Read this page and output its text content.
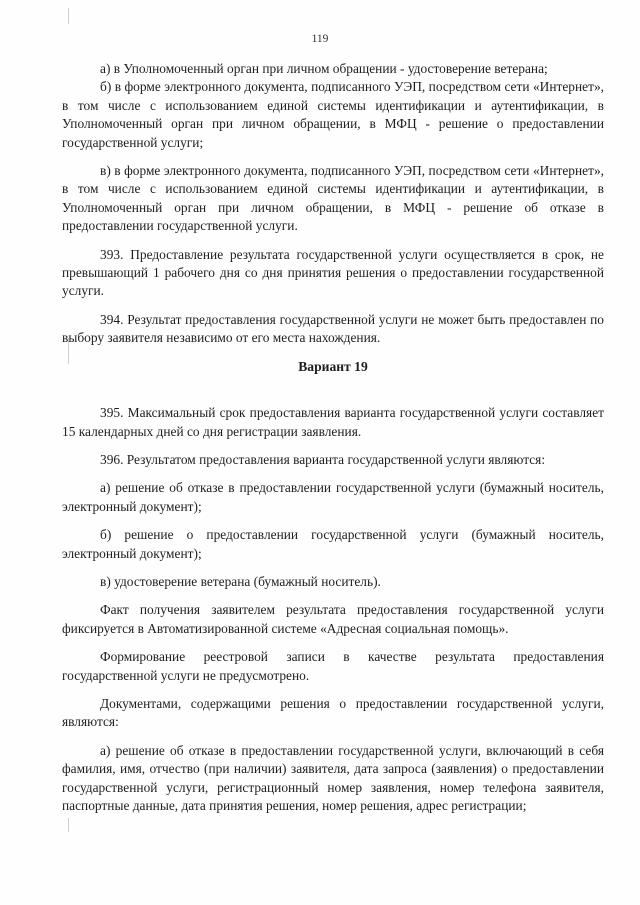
119

а) в Уполномоченный орган при личном обращении - удостоверение ветерана;

б) в форме электронного документа, подписанного УЭП, посредством сети «Интернет», в том числе с использованием единой системы идентификации и аутентификации, в Уполномоченный орган при личном обращении, в МФЦ - решение о предоставлении государственной услуги;

в) в форме электронного документа, подписанного УЭП, посредством сети «Интернет», в том числе с использованием единой системы идентификации и аутентификации, в Уполномоченный орган при личном обращении, в МФЦ - решение об отказе в предоставлении государственной услуги.

393. Предоставление результата государственной услуги осуществляется в срок, не превышающий 1 рабочего дня со дня принятия решения о предоставлении государственной услуги.

394. Результат предоставления государственной услуги не может быть предоставлен по выбору заявителя независимо от его места нахождения.

Вариант 19

395. Максимальный срок предоставления варианта государственной услуги составляет 15 календарных дней со дня регистрации заявления.

396. Результатом предоставления варианта государственной услуги являются:

а) решение об отказе в предоставлении государственной услуги (бумажный носитель, электронный документ);

б) решение о предоставлении государственной услуги (бумажный носитель, электронный документ);

в) удостоверение ветерана (бумажный носитель).

Факт получения заявителем результата предоставления государственной услуги фиксируется в Автоматизированной системе «Адресная социальная помощь».

Формирование реестровой записи в качестве результата предоставления государственной услуги не предусмотрено.

Документами, содержащими решения о предоставлении государственной услуги, являются:

а) решение об отказе в предоставлении государственной услуги, включающий в себя фамилия, имя, отчество (при наличии) заявителя, дата запроса (заявления) о предоставлении государственной услуги, регистрационный номер заявления, номер телефона заявителя, паспортные данные, дата принятия решения, номер решения, адрес регистрации;
